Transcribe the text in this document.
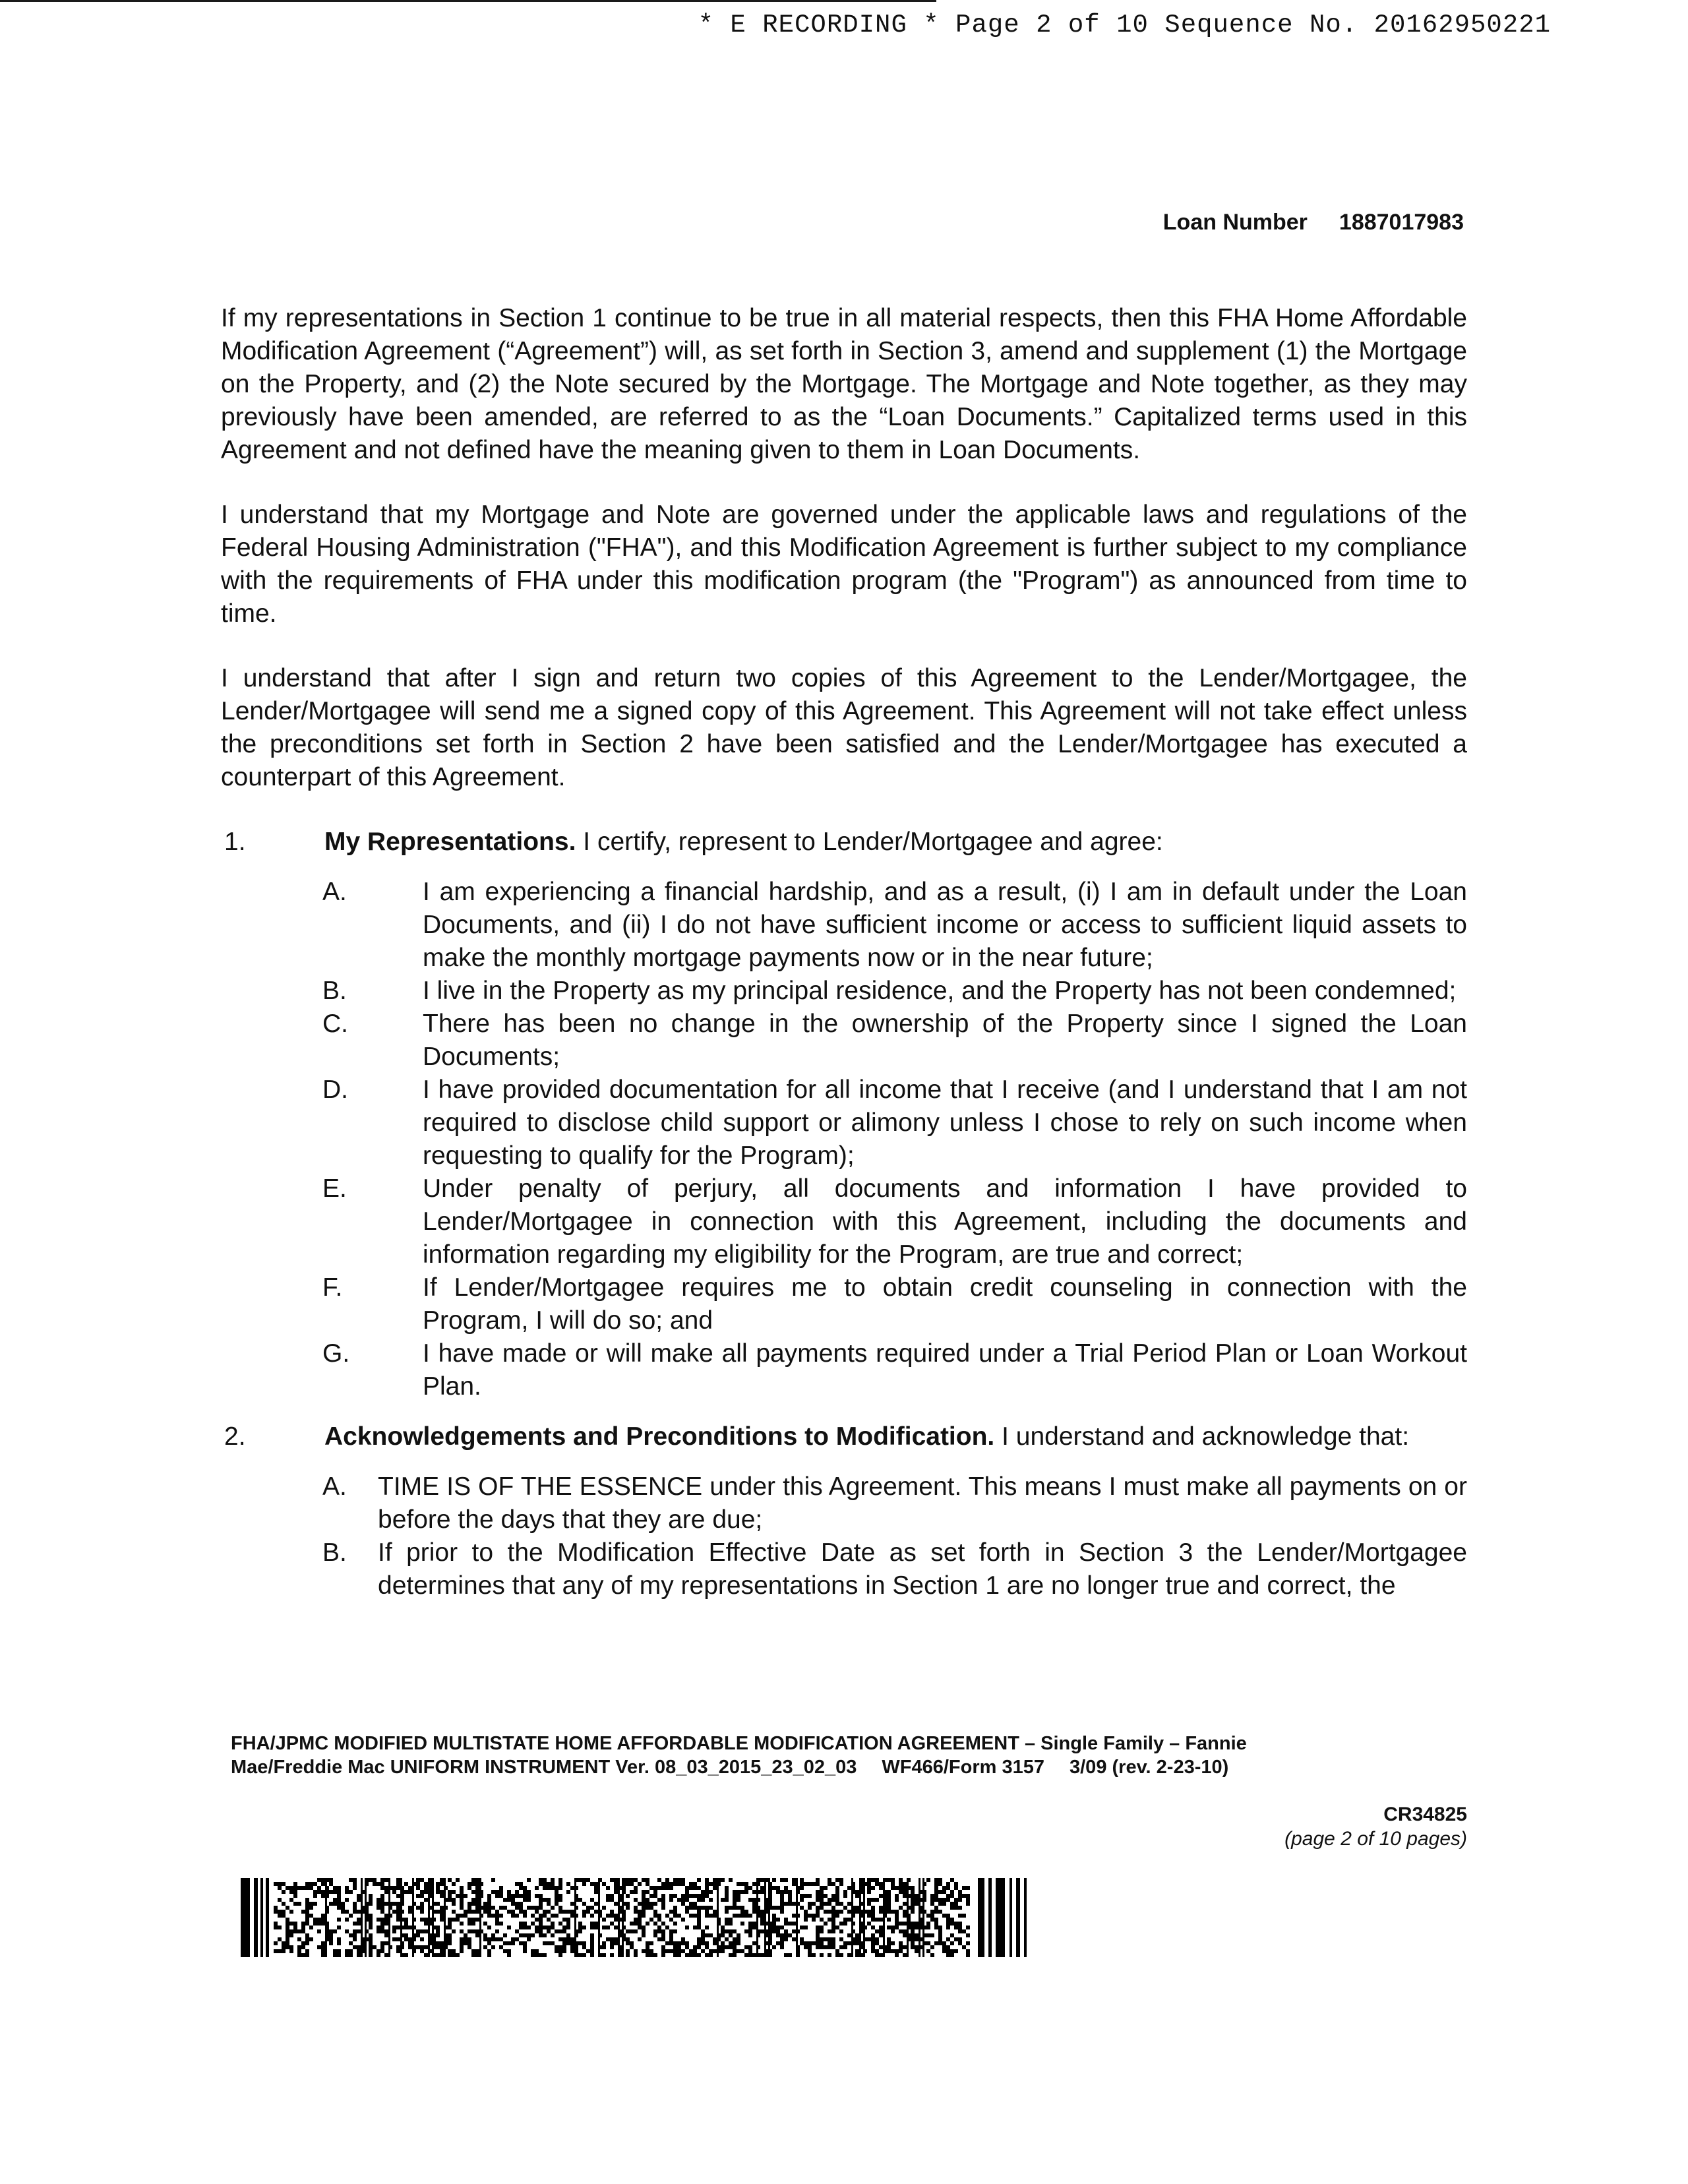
* E RECORDING * Page 2 of 10 Sequence No. 20162950221
Loan Number 1887017983

If my representations in Section 1 continue to be true in all material respects, then this FHA Home Affordable Modification Agreement (“Agreement”) will, as set forth in Section 3, amend and supplement (1) the Mortgage on the Property, and (2) the Note secured by the Mortgage. The Mortgage and Note together, as they may previously have been amended, are referred to as the “Loan Documents.” Capitalized terms used in this Agreement and not defined have the meaning given to them in Loan Documents.

I understand that my Mortgage and Note are governed under the applicable laws and regulations of the Federal Housing Administration ("FHA"), and this Modification Agreement is further subject to my compliance with the requirements of FHA under this modification program (the "Program") as announced from time to time.

I understand that after I sign and return two copies of this Agreement to the Lender/Mortgagee, the Lender/Mortgagee will send me a signed copy of this Agreement. This Agreement will not take effect unless the preconditions set forth in Section 2 have been satisfied and the Lender/Mortgagee has executed a counterpart of this Agreement.

1.	My Representations. I certify, represent to Lender/Mortgagee and agree:
A.	I am experiencing a financial hardship, and as a result, (i) I am in default under the Loan Documents, and (ii) I do not have sufficient income or access to sufficient liquid assets to make the monthly mortgage payments now or in the near future;
B.	I live in the Property as my principal residence, and the Property has not been condemned;
C.	There has been no change in the ownership of the Property since I signed the Loan Documents;
D.	I have provided documentation for all income that I receive (and I understand that I am not required to disclose child support or alimony unless I chose to rely on such income when requesting to qualify for the Program);
E.	Under penalty of perjury, all documents and information I have provided to Lender/Mortgagee in connection with this Agreement, including the documents and information regarding my eligibility for the Program, are true and correct;
F.	If Lender/Mortgagee requires me to obtain credit counseling in connection with the Program, I will do so; and
G.	I have made or will make all payments required under a Trial Period Plan or Loan Workout Plan.
2.	Acknowledgements and Preconditions to Modification. I understand and acknowledge that:
A.	TIME IS OF THE ESSENCE under this Agreement. This means I must make all payments on or before the days that they are due;
B.	If prior to the Modification Effective Date as set forth in Section 3 the Lender/Mortgagee determines that any of my representations in Section 1 are no longer true and correct, the
FHA/JPMC MODIFIED MULTISTATE HOME AFFORDABLE MODIFICATION AGREEMENT – Single Family – Fannie
Mae/Freddie Mac UNIFORM INSTRUMENT Ver. 08_03_2015_23_02_03 WF466/Form 3157 3/09 (rev. 2-23-10)
CR34825
(page 2 of 10 pages)
